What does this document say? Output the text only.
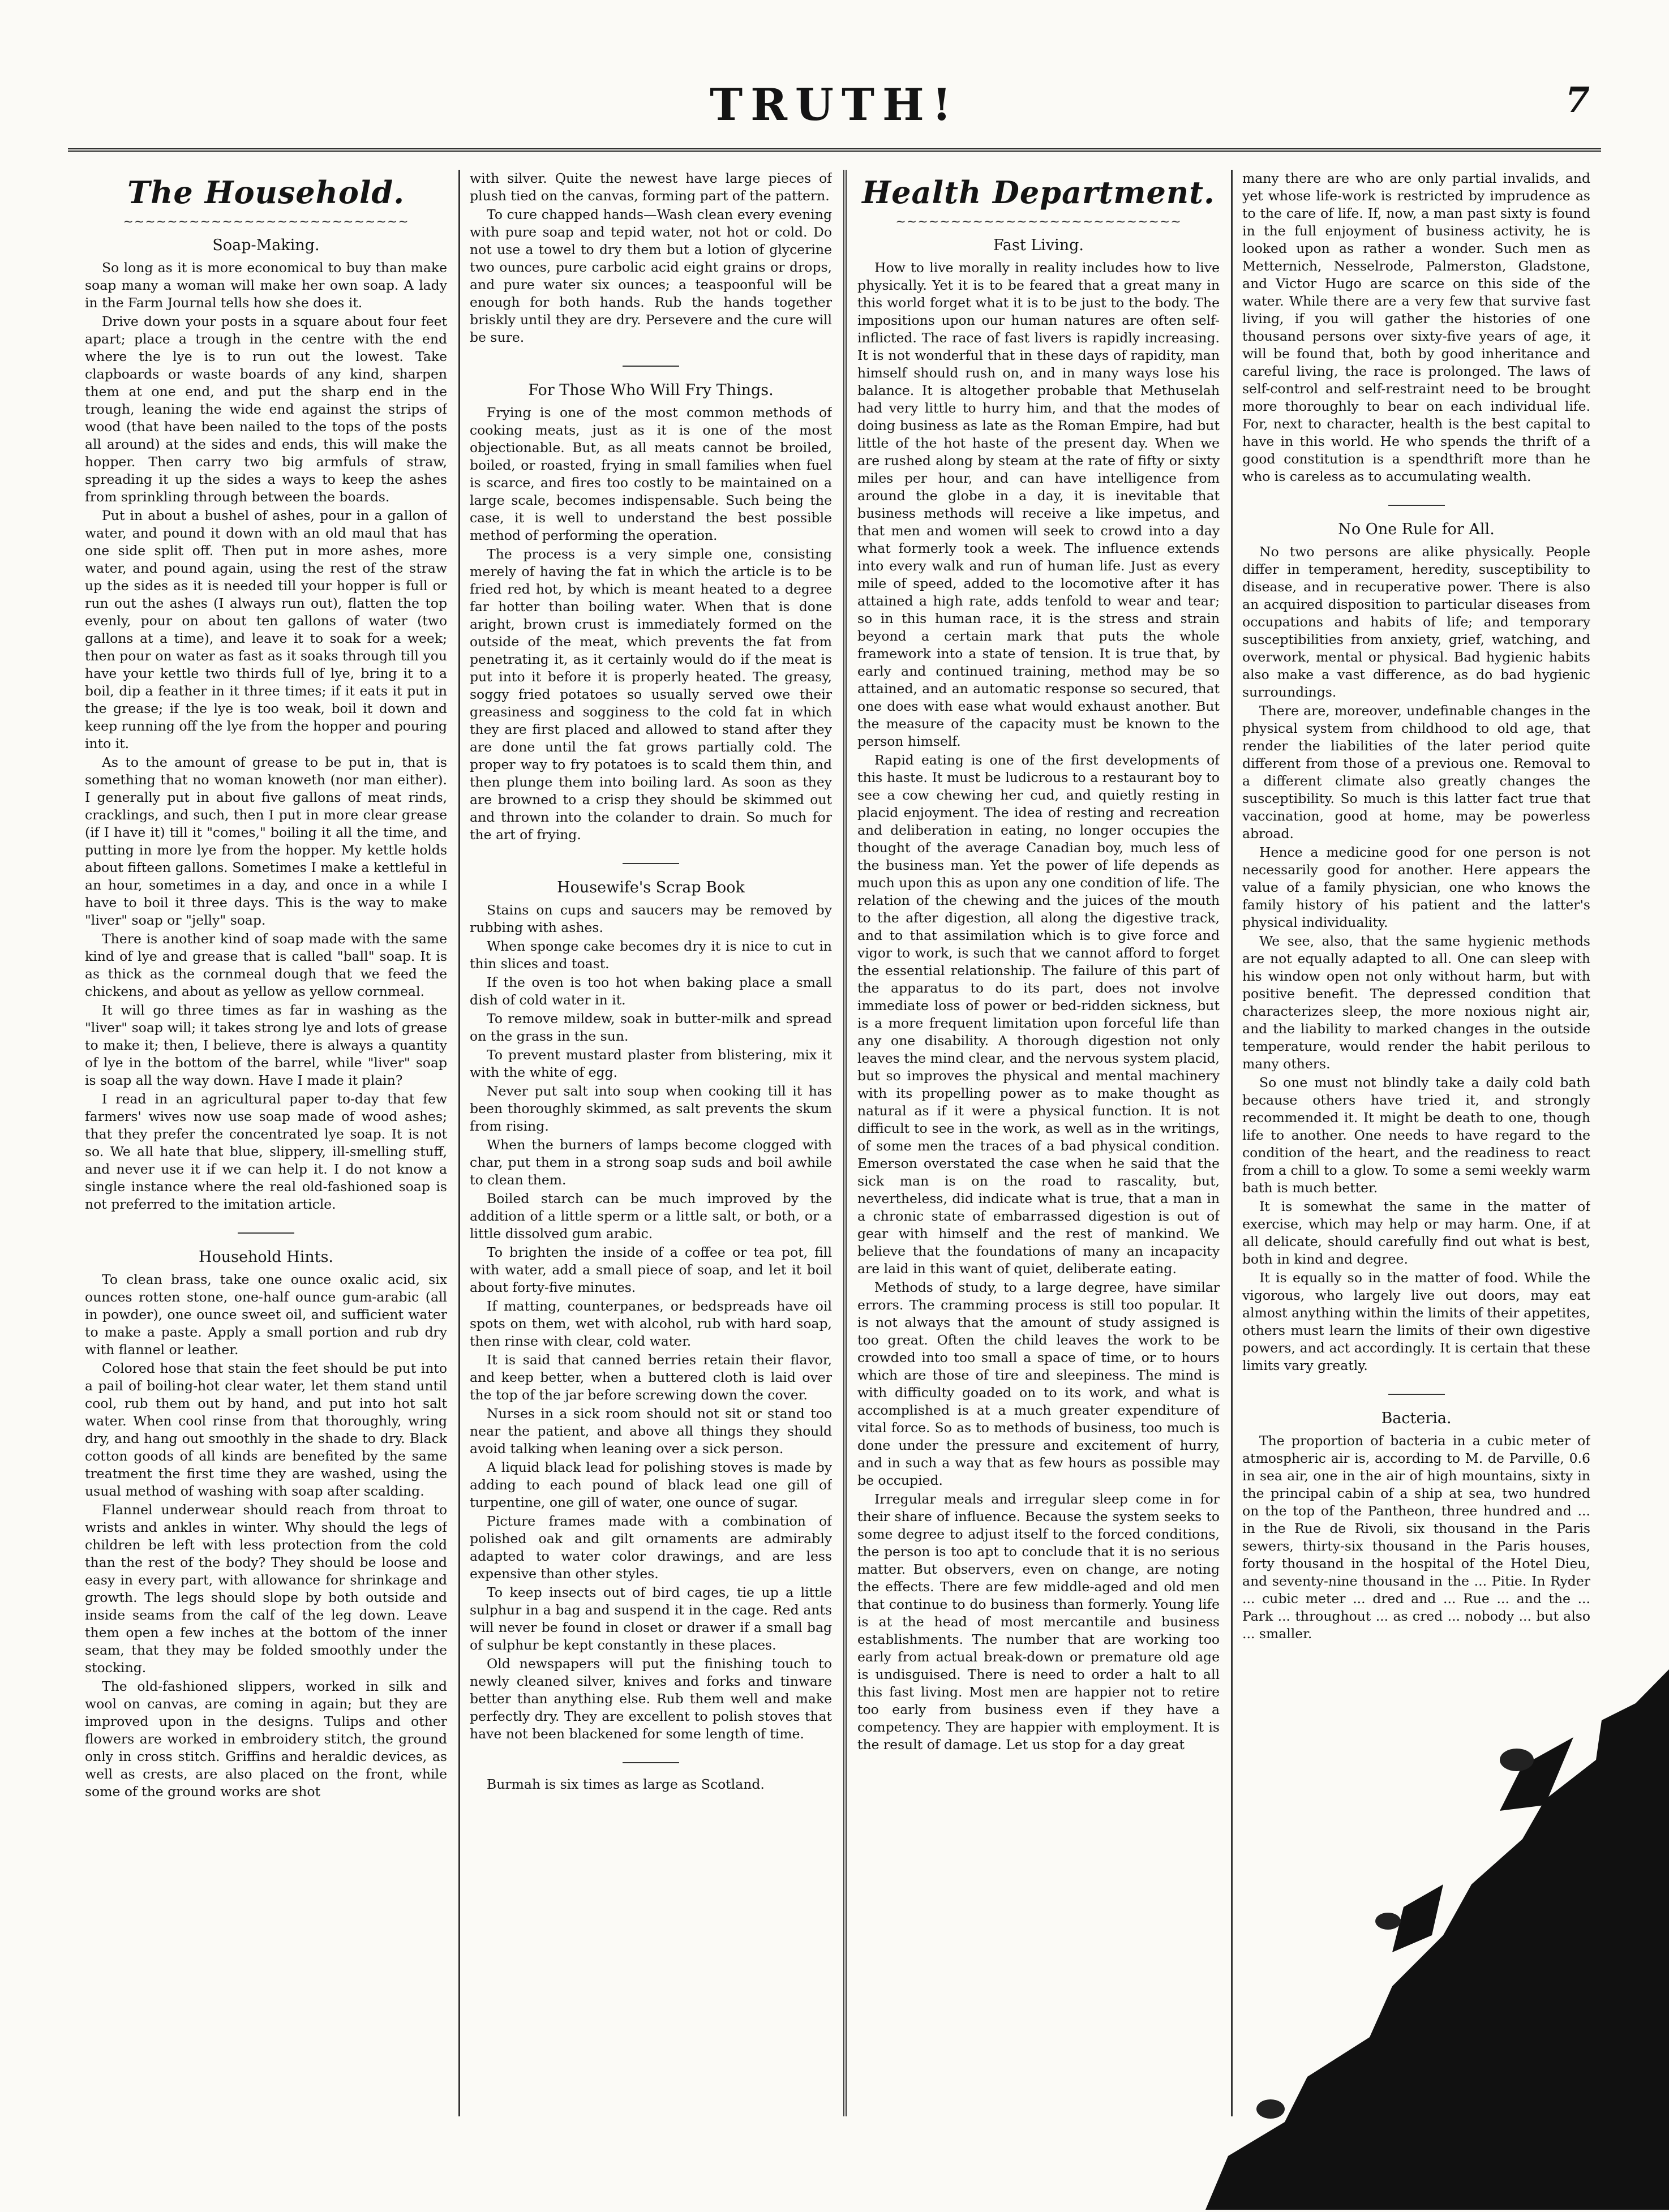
TRUTH!	7
The Household.
~~~~~~~~~~~~~~~~~~~~~~~~~~
Soap-Making.

So long as it is more economical to buy than make soap many a woman will make her own soap. A lady in the Farm Journal tells how she does it.

Drive down your posts in a square about four feet apart; place a trough in the centre with the end where the lye is to run out the lowest. Take clapboards or waste boards of any kind, sharpen them at one end, and put the sharp end in the trough, leaning the wide end against the strips of wood (that have been nailed to the tops of the posts all around) at the sides and ends, this will make the hopper. Then carry two big armfuls of straw, spreading it up the sides a ways to keep the ashes from sprinkling through between the boards.

Put in about a bushel of ashes, pour in a gallon of water, and pound it down with an old maul that has one side split off. Then put in more ashes, more water, and pound again, using the rest of the straw up the sides as it is needed till your hopper is full or run out the ashes (I always run out), flatten the top evenly, pour on about ten gallons of water (two gallons at a time), and leave it to soak for a week; then pour on water as fast as it soaks through till you have your kettle two thirds full of lye, bring it to a boil, dip a feather in it three times; if it eats it put in the grease; if the lye is too weak, boil it down and keep running off the lye from the hopper and pouring into it.

As to the amount of grease to be put in, that is something that no woman knoweth (nor man either). I generally put in about five gallons of meat rinds, cracklings, and such, then I put in more clear grease (if I have it) till it "comes," boiling it all the time, and putting in more lye from the hopper. My kettle holds about fifteen gallons. Sometimes I make a kettleful in an hour, sometimes in a day, and once in a while I have to boil it three days. This is the way to make "liver" soap or "jelly" soap.

There is another kind of soap made with the same kind of lye and grease that is called "ball" soap. It is as thick as the cornmeal dough that we feed the chickens, and about as yellow as yellow cornmeal.

It will go three times as far in washing as the "liver" soap will; it takes strong lye and lots of grease to make it; then, I believe, there is always a quantity of lye in the bottom of the barrel, while "liver" soap is soap all the way down. Have I made it plain?

I read in an agricultural paper to-day that few farmers' wives now use soap made of wood ashes; that they prefer the concentrated lye soap. It is not so. We all hate that blue, slippery, ill-smelling stuff, and never use it if we can help it. I do not know a single instance where the real old-fashioned soap is not preferred to the imitation article.

Household Hints.

To clean brass, take one ounce oxalic acid, six ounces rotten stone, one-half ounce gum-arabic (all in powder), one ounce sweet oil, and sufficient water to make a paste. Apply a small portion and rub dry with flannel or leather.

Colored hose that stain the feet should be put into a pail of boiling-hot clear water, let them stand until cool, rub them out by hand, and put into hot salt water. When cool rinse from that thoroughly, wring dry, and hang out smoothly in the shade to dry. Black cotton goods of all kinds are benefited by the same treatment the first time they are washed, using the usual method of washing with soap after scalding.

Flannel underwear should reach from throat to wrists and ankles in winter. Why should the legs of children be left with less protection from the cold than the rest of the body? They should be loose and easy in every part, with allowance for shrinkage and growth. The legs should slope by both outside and inside seams from the calf of the leg down. Leave them open a few inches at the bottom of the inner seam, that they may be folded smoothly under the stocking.

The old-fashioned slippers, worked in silk and wool on canvas, are coming in again; but they are improved upon in the designs. Tulips and other flowers are worked in embroidery stitch, the ground only in cross stitch. Griffins and heraldic devices, as well as crests, are also placed on the front, while some of the ground works are shot

with silver. Quite the newest have large pieces of plush tied on the canvas, forming part of the pattern.

To cure chapped hands—Wash clean every evening with pure soap and tepid water, not hot or cold. Do not use a towel to dry them but a lotion of glycerine two ounces, pure carbolic acid eight grains or drops, and pure water six ounces; a teaspoonful will be enough for both hands. Rub the hands together briskly until they are dry. Persevere and the cure will be sure.

For Those Who Will Fry Things.

Frying is one of the most common methods of cooking meats, just as it is one of the most objectionable. But, as all meats cannot be broiled, boiled, or roasted, frying in small families when fuel is scarce, and fires too costly to be maintained on a large scale, becomes indispensable. Such being the case, it is well to understand the best possible method of performing the operation.

The process is a very simple one, consisting merely of having the fat in which the article is to be fried red hot, by which is meant heated to a degree far hotter than boiling water. When that is done aright, brown crust is immediately formed on the outside of the meat, which prevents the fat from penetrating it, as it certainly would do if the meat is put into it before it is properly heated. The greasy, soggy fried potatoes so usually served owe their greasiness and sogginess to the cold fat in which they are first placed and allowed to stand after they are done until the fat grows partially cold. The proper way to fry potatoes is to scald them thin, and then plunge them into boiling lard. As soon as they are browned to a crisp they should be skimmed out and thrown into the colander to drain. So much for the art of frying.

Housewife's Scrap Book

Stains on cups and saucers may be removed by rubbing with ashes.

When sponge cake becomes dry it is nice to cut in thin slices and toast.

If the oven is too hot when baking place a small dish of cold water in it.

To remove mildew, soak in butter-milk and spread on the grass in the sun.

To prevent mustard plaster from blistering, mix it with the white of egg.

Never put salt into soup when cooking till it has been thoroughly skimmed, as salt prevents the skum from rising.

When the burners of lamps become clogged with char, put them in a strong soap suds and boil awhile to clean them.

Boiled starch can be much improved by the addition of a little sperm or a little salt, or both, or a little dissolved gum arabic.

To brighten the inside of a coffee or tea pot, fill with water, add a small piece of soap, and let it boil about forty-five minutes.

If matting, counterpanes, or bedspreads have oil spots on them, wet with alcohol, rub with hard soap, then rinse with clear, cold water.

It is said that canned berries retain their flavor, and keep better, when a buttered cloth is laid over the top of the jar before screwing down the cover.

Nurses in a sick room should not sit or stand too near the patient, and above all things they should avoid talking when leaning over a sick person.

A liquid black lead for polishing stoves is made by adding to each pound of black lead one gill of turpentine, one gill of water, one ounce of sugar.

Picture frames made with a combination of polished oak and gilt ornaments are admirably adapted to water color drawings, and are less expensive than other styles.

To keep insects out of bird cages, tie up a little sulphur in a bag and suspend it in the cage. Red ants will never be found in closet or drawer if a small bag of sulphur be kept constantly in these places.

Old newspapers will put the finishing touch to newly cleaned silver, knives and forks and tinware better than anything else. Rub them well and make perfectly dry. They are excellent to polish stoves that have not been blackened for some length of time.

Burmah is six times as large as Scotland.

Health Department.
~~~~~~~~~~~~~~~~~~~~~~~~~~
Fast Living.

How to live morally in reality includes how to live physically. Yet it is to be feared that a great many in this world forget what it is to be just to the body. The impositions upon our human natures are often self-inflicted. The race of fast livers is rapidly increasing. It is not wonderful that in these days of rapidity, man himself should rush on, and in many ways lose his balance. It is altogether probable that Methuselah had very little to hurry him, and that the modes of doing business as late as the Roman Empire, had but little of the hot haste of the present day. When we are rushed along by steam at the rate of fifty or sixty miles per hour, and can have intelligence from around the globe in a day, it is inevitable that business methods will receive a like impetus, and that men and women will seek to crowd into a day what formerly took a week. The influence extends into every walk and run of human life. Just as every mile of speed, added to the locomotive after it has attained a high rate, adds tenfold to wear and tear; so in this human race, it is the stress and strain beyond a certain mark that puts the whole framework into a state of tension. It is true that, by early and continued training, method may be so attained, and an automatic response so secured, that one does with ease what would exhaust another. But the measure of the capacity must be known to the person himself.

Rapid eating is one of the first developments of this haste. It must be ludicrous to a restaurant boy to see a cow chewing her cud, and quietly resting in placid enjoyment. The idea of resting and recreation and deliberation in eating, no longer occupies the thought of the average Canadian boy, much less of the business man. Yet the power of life depends as much upon this as upon any one condition of life. The relation of the chewing and the juices of the mouth to the after digestion, all along the digestive track, and to that assimilation which is to give force and vigor to work, is such that we cannot afford to forget the essential relationship. The failure of this part of the apparatus to do its part, does not involve immediate loss of power or bed-ridden sickness, but is a more frequent limitation upon forceful life than any one disability. A thorough digestion not only leaves the mind clear, and the nervous system placid, but so improves the physical and mental machinery with its propelling power as to make thought as natural as if it were a physical function. It is not difficult to see in the work, as well as in the writings, of some men the traces of a bad physical condition. Emerson overstated the case when he said that the sick man is on the road to rascality, but, nevertheless, did indicate what is true, that a man in a chronic state of embarrassed digestion is out of gear with himself and the rest of mankind. We believe that the foundations of many an incapacity are laid in this want of quiet, deliberate eating.

Methods of study, to a large degree, have similar errors. The cramming process is still too popular. It is not always that the amount of study assigned is too great. Often the child leaves the work to be crowded into too small a space of time, or to hours which are those of tire and sleepiness. The mind is with difficulty goaded on to its work, and what is accomplished is at a much greater expenditure of vital force. So as to methods of business, too much is done under the pressure and excitement of hurry, and in such a way that as few hours as possible may be occupied.

Irregular meals and irregular sleep come in for their share of influence. Because the system seeks to some degree to adjust itself to the forced conditions, the person is too apt to conclude that it is no serious matter. But observers, even on change, are noting the effects. There are few middle-aged and old men that continue to do business than formerly. Young life is at the head of most mercantile and business establishments. The number that are working too early from actual break-down or premature old age is undisguised. There is need to order a halt to all this fast living. Most men are happier not to retire too early from business even if they have a competency. They are happier with employment. It is the result of damage. Let us stop for a day great

many there are who are only partial invalids, and yet whose life-work is restricted by imprudence as to the care of life. If, now, a man past sixty is found in the full enjoyment of business activity, he is looked upon as rather a wonder. Such men as Metternich, Nesselrode, Palmerston, Gladstone, and Victor Hugo are scarce on this side of the water. While there are a very few that survive fast living, if you will gather the histories of one thousand persons over sixty-five years of age, it will be found that, both by good inheritance and careful living, the race is prolonged. The laws of self-control and self-restraint need to be brought more thoroughly to bear on each individual life. For, next to character, health is the best capital to have in this world. He who spends the thrift of a good constitution is a spendthrift more than he who is careless as to accumulating wealth.

No One Rule for All.

No two persons are alike physically. People differ in temperament, heredity, susceptibility to disease, and in recuperative power. There is also an acquired disposition to particular diseases from occupations and habits of life; and temporary susceptibilities from anxiety, grief, watching, and overwork, mental or physical. Bad hygienic habits also make a vast difference, as do bad hygienic surroundings.

There are, moreover, undefinable changes in the physical system from childhood to old age, that render the liabilities of the later period quite different from those of a previous one. Removal to a different climate also greatly changes the susceptibility. So much is this latter fact true that vaccination, good at home, may be powerless abroad.

Hence a medicine good for one person is not necessarily good for another. Here appears the value of a family physician, one who knows the family history of his patient and the latter's physical individuality.

We see, also, that the same hygienic methods are not equally adapted to all. One can sleep with his window open not only without harm, but with positive benefit. The depressed condition that characterizes sleep, the more noxious night air, and the liability to marked changes in the outside temperature, would render the habit perilous to many others.

So one must not blindly take a daily cold bath because others have tried it, and strongly recommended it. It might be death to one, though life to another. One needs to have regard to the condition of the heart, and the readiness to react from a chill to a glow. To some a semi weekly warm bath is much better.

It is somewhat the same in the matter of exercise, which may help or may harm. One, if at all delicate, should carefully find out what is best, both in kind and degree.

It is equally so in the matter of food. While the vigorous, who largely live out doors, may eat almost anything within the limits of their appetites, others must learn the limits of their own digestive powers, and act accordingly. It is certain that these limits vary greatly.

Bacteria.

The proportion of bacteria in a cubic meter of atmospheric air is, according to M. de Parville, 0.6 in sea air, one in the air of high mountains, sixty in the principal cabin of a ship at sea, two hundred on the top of the Pantheon, three hundred and ... in the Rue de Rivoli, six thousand in the Paris sewers, thirty-six thousand in the Paris houses, forty thousand in the hospital of the Hotel Dieu, and seventy-nine thousand in the ... Pitie. In Ryder ... cubic meter ... dred and ... Rue ... and the ... Park ... throughout ... as cred ... nobody ... but also ... smaller.
